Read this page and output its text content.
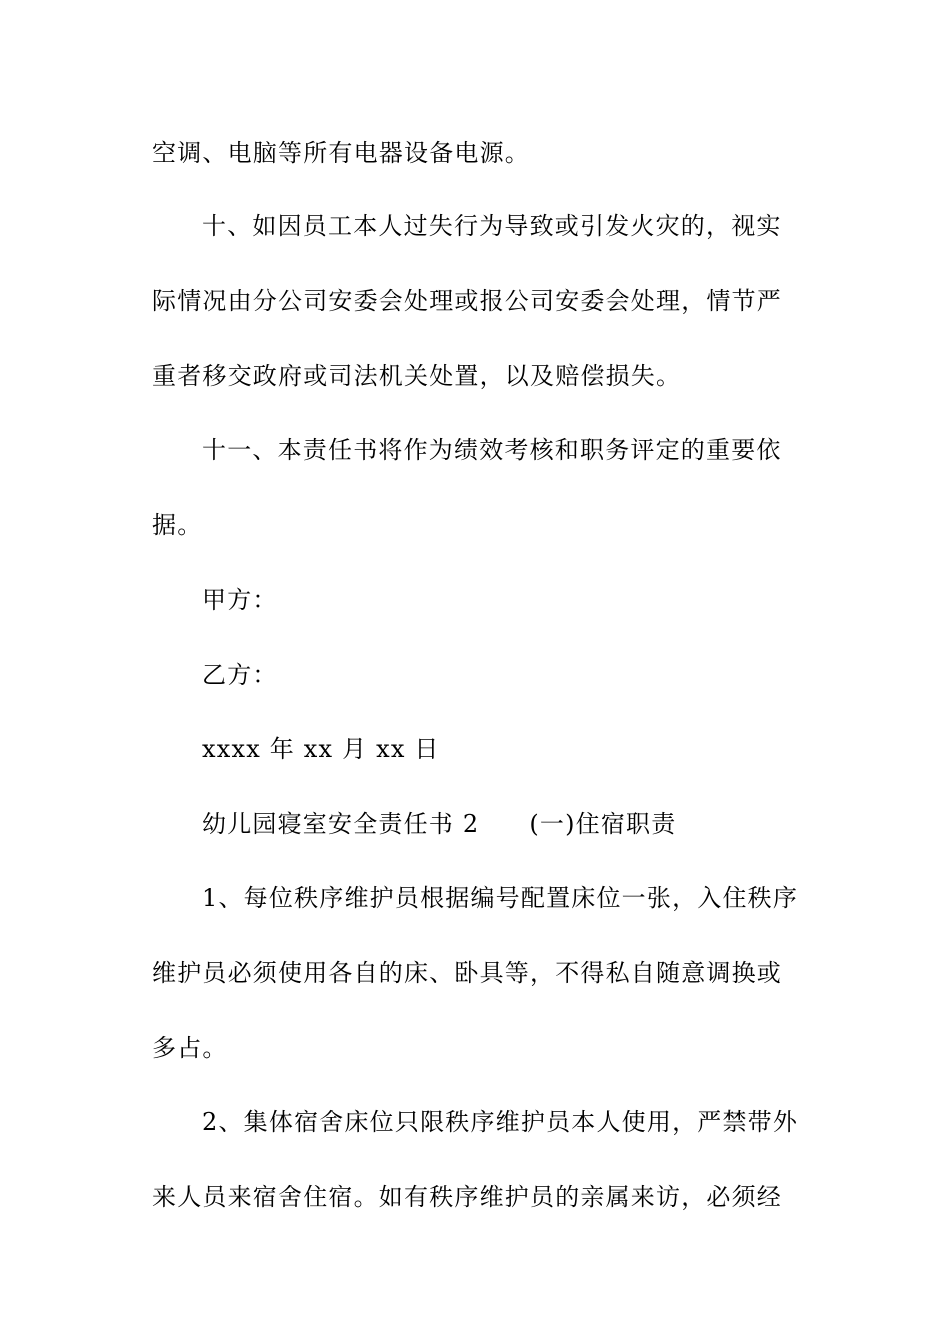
空调、电脑等所有电器设备电源。
十、如因员工本人过失行为导致或引发火灾的，视实
际情况由分公司安委会处理或报公司安委会处理，情节严
重者移交政府或司法机关处置，以及赔偿损失。
十一、本责任书将作为绩效考核和职务评定的重要依
据。
甲方：
乙方：
xxxx 年 xx 月 xx 日
幼儿园寝室安全责任书 2 (一)住宿职责
1、每位秩序维护员根据编号配置床位一张，入住秩序
维护员必须使用各自的床、卧具等，不得私自随意调换或
多占。
2、集体宿舍床位只限秩序维护员本人使用，严禁带外
来人员来宿舍住宿。如有秩序维护员的亲属来访，必须经
